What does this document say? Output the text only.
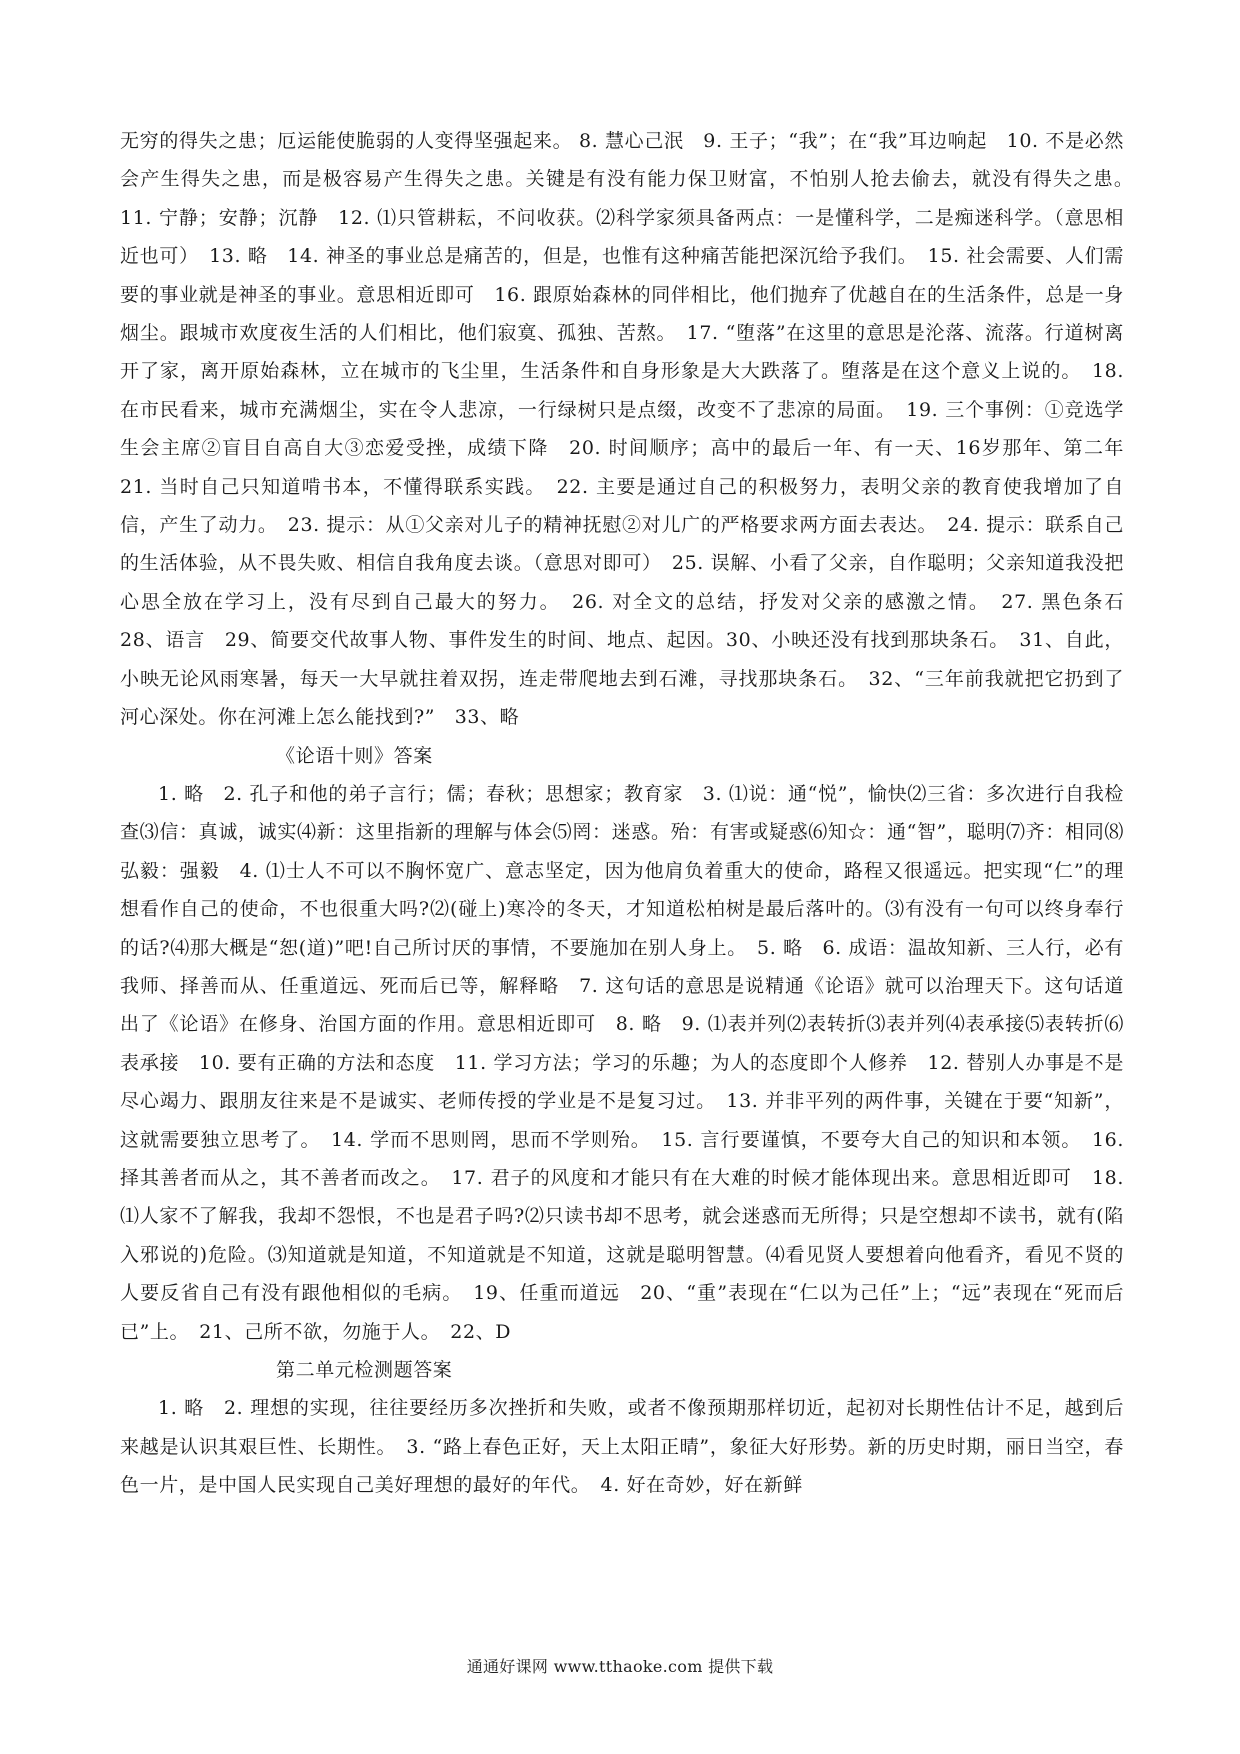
无穷的得失之患；厄运能使脆弱的人变得坚强起来。 8. 慧心己泯　9. 王子；“我”；在“我”耳边响起　10. 不是必然会产生得失之患，而是极容易产生得失之患。关键是有没有能力保卫财富，不怕别人抢去偷去，就没有得失之患。　11. 宁静；安静；沉静　12. ⑴只管耕耘，不问收获。⑵科学家须具备两点：一是懂科学，二是痴迷科学。（意思相近也可）　13. 略　14. 神圣的事业总是痛苦的，但是，也惟有这种痛苦能把深沉给予我们。　15. 社会需要、人们需要的事业就是神圣的事业。意思相近即可　16. 跟原始森林的同伴相比，他们抛弃了优越自在的生活条件，总是一身烟尘。跟城市欢度夜生活的人们相比，他们寂寞、孤独、苦熬。　17. “堕落”在这里的意思是沦落、流落。行道树离开了家，离开原始森林，立在城市的飞尘里，生活条件和自身形象是大大跌落了。堕落是在这个意义上说的。　18. 在市民看来，城市充满烟尘，实在令人悲凉，一行绿树只是点缀，改变不了悲凉的局面。　19. 三个事例：①竞选学生会主席②盲目自高自大③恋爱受挫，成绩下降　20. 时间顺序；高中的最后一年、有一天、16岁那年、第二年　21. 当时自己只知道啃书本，不懂得联系实践。　22. 主要是通过自己的积极努力，表明父亲的教育使我增加了自信，产生了动力。　23. 提示：从①父亲对儿子的精神抚慰②对儿广的严格要求两方面去表达。　24. 提示：联系自己的生活体验，从不畏失败、相信自我角度去谈。（意思对即可）　25. 误解、小看了父亲，自作聪明；父亲知道我没把心思全放在学习上，没有尽到自己最大的努力。　26. 对全文的总结，抒发对父亲的感激之情。　27. 黑色条石　28、语言　29、简要交代故事人物、事件发生的时间、地点、起因。30、小映还没有找到那块条石。　31、自此，小映无论风雨寒暑，每天一大早就拄着双拐，连走带爬地去到石滩，寻找那块条石。　32、“三年前我就把它扔到了河心深处。你在河滩上怎么能找到?”　33、略

《论语十则》答案

1. 略　2. 孔子和他的弟子言行；儒；春秋；思想家；教育家　3. ⑴说：通“悦”，愉快⑵三省：多次进行自我检查⑶信：真诚，诚实⑷新：这里指新的理解与体会⑸罔：迷惑。殆：有害或疑惑⑹知☆：通“智”，聪明⑺齐：相同⑻弘毅：强毅　4. ⑴士人不可以不胸怀宽广、意志坚定，因为他肩负着重大的使命，路程又很遥远。把实现“仁”的理想看作自己的使命，不也很重大吗?⑵(碰上)寒冷的冬天，才知道松柏树是最后落叶的。⑶有没有一句可以终身奉行的话?⑷那大概是“恕(道)”吧!自己所讨厌的事情，不要施加在别人身上。　5. 略　6. 成语：温故知新、三人行，必有我师、择善而从、任重道远、死而后已等，解释略　7. 这句话的意思是说精通《论语》就可以治理天下。这句话道出了《论语》在修身、治国方面的作用。意思相近即可　8. 略　9. ⑴表并列⑵表转折⑶表并列⑷表承接⑸表转折⑹表承接　10. 要有正确的方法和态度　11. 学习方法；学习的乐趣；为人的态度即个人修养　12. 替别人办事是不是尽心竭力、跟朋友往来是不是诚实、老师传授的学业是不是复习过。　13. 并非平列的两件事，关键在于要“知新”，这就需要独立思考了。　14. 学而不思则罔，思而不学则殆。　15. 言行要谨慎，不要夸大自己的知识和本领。　16. 择其善者而从之，其不善者而改之。　17. 君子的风度和才能只有在大难的时候才能体现出来。意思相近即可　18. ⑴人家不了解我，我却不怨恨，不也是君子吗?⑵只读书却不思考，就会迷惑而无所得；只是空想却不读书，就有(陷入邪说的)危险。⑶知道就是知道，不知道就是不知道，这就是聪明智慧。⑷看见贤人要想着向他看齐，看见不贤的人要反省自己有没有跟他相似的毛病。　19、任重而道远　20、“重”表现在“仁以为己任”上；“远”表现在“死而后已”上。　21、己所不欲，勿施于人。　22、D

第二单元检测题答案

1. 略　2. 理想的实现，往往要经历多次挫折和失败，或者不像预期那样切近，起初对长期性估计不足，越到后来越是认识其艰巨性、长期性。　3. “路上春色正好，天上太阳正晴”，象征大好形势。新的历史时期，丽日当空，春色一片，是中国人民实现自己美好理想的最好的年代。　4. 好在奇妙，好在新鲜

通通好课网 www.tthaoke.com 提供下载
